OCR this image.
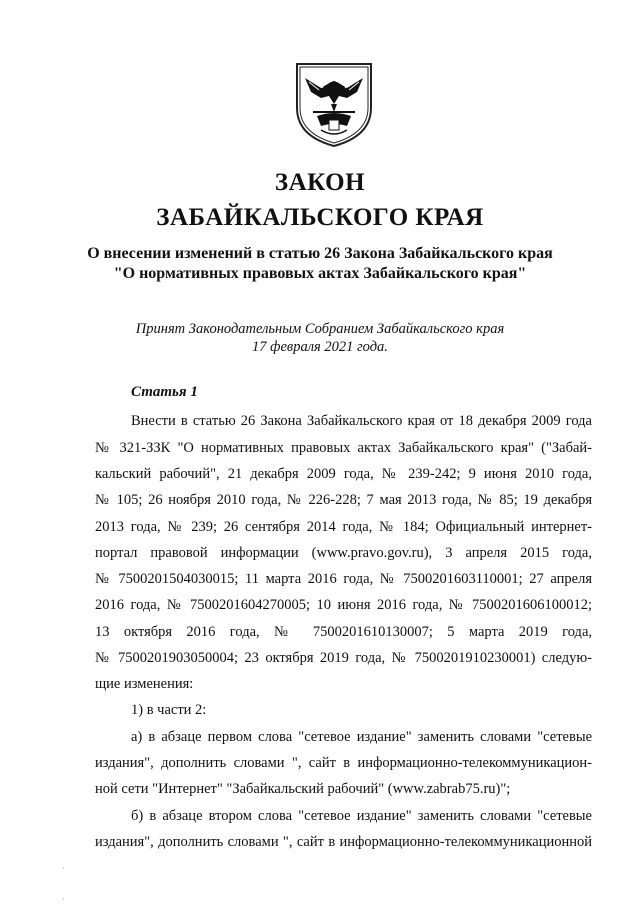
ЗАКОН
ЗАБАЙКАЛЬСКОГО КРАЯ
О внесении изменений в статью 26 Закона Забайкальского края
"О нормативных правовых актах Забайкальского края"
Принят Законодательным Собранием Забайкальского края
17 февраля 2021 года.
Статья 1
Внести в статью 26 Закона Забайкальского края от 18 декабря 2009 года
№ 321-ЗЗК "О нормативных правовых актах Забайкальского края" ("Забай-
кальский рабочий", 21 декабря 2009 года, № 239-242; 9 июня 2010 года,
№ 105; 26 ноября 2010 года, № 226-228; 7 мая 2013 года, № 85; 19 декабря
2013 года, № 239; 26 сентября 2014 года, № 184; Официальный интернет-
портал правовой информации (www.pravo.gov.ru), 3 апреля 2015 года,
№ 7500201504030015; 11 марта 2016 года, № 7500201603110001; 27 апреля
2016 года, № 7500201604270005; 10 июня 2016 года, № 7500201606100012;
13 октября 2016 года, № 7500201610130007; 5 марта 2019 года,
№ 7500201903050004; 23 октября 2019 года, № 7500201910230001) следую-
щие изменения:
1) в части 2:
а) в абзаце первом слова "сетевое издание" заменить словами "сетевые
издания", дополнить словами ", сайт в информационно-телекоммуникацион-
ной сети "Интернет" "Забайкальский рабочий" (www.zabrab75.ru)";
б) в абзаце втором слова "сетевое издание" заменить словами "сетевые
издания", дополнить словами ", сайт в информационно-телекоммуникационной
·
·
